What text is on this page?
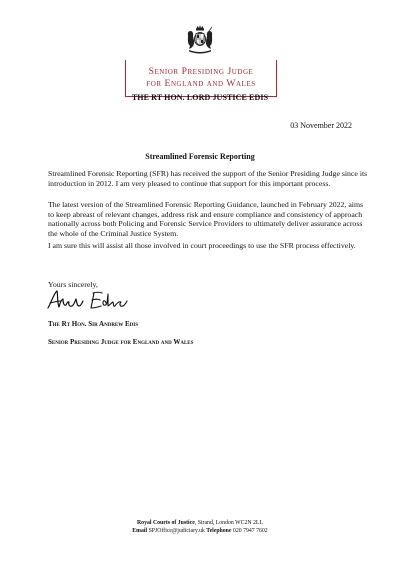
Senior Presiding Judge
for England and Wales
THE RT HON. LORD JUSTICE EDIS
03 November 2022
Streamlined Forensic Reporting

Streamlined Forensic Reporting (SFR) has received the support of the Senior Presiding Judge since its introduction in 2012. I am very pleased to continue that support for this important process.

The latest version of the Streamlined Forensic Reporting Guidance, launched in February 2022, aims to keep abreast of relevant changes, address risk and ensure compliance and consistency of approach nationally across both Policing and Forensic Service Providers to ultimately deliver assurance across the whole of the Criminal Justice System.

I am sure this will assist all those involved in court proceedings to use the SFR process effectively.

Yours sincerely,
The Rt Hon. Sir Andrew Edis
Senior Presiding Judge for England and Wales
Royal Courts of Justice, Strand, London WC2N 2LL
Email SPJOffice@judiciary.uk Telephone 020 7947 7602
